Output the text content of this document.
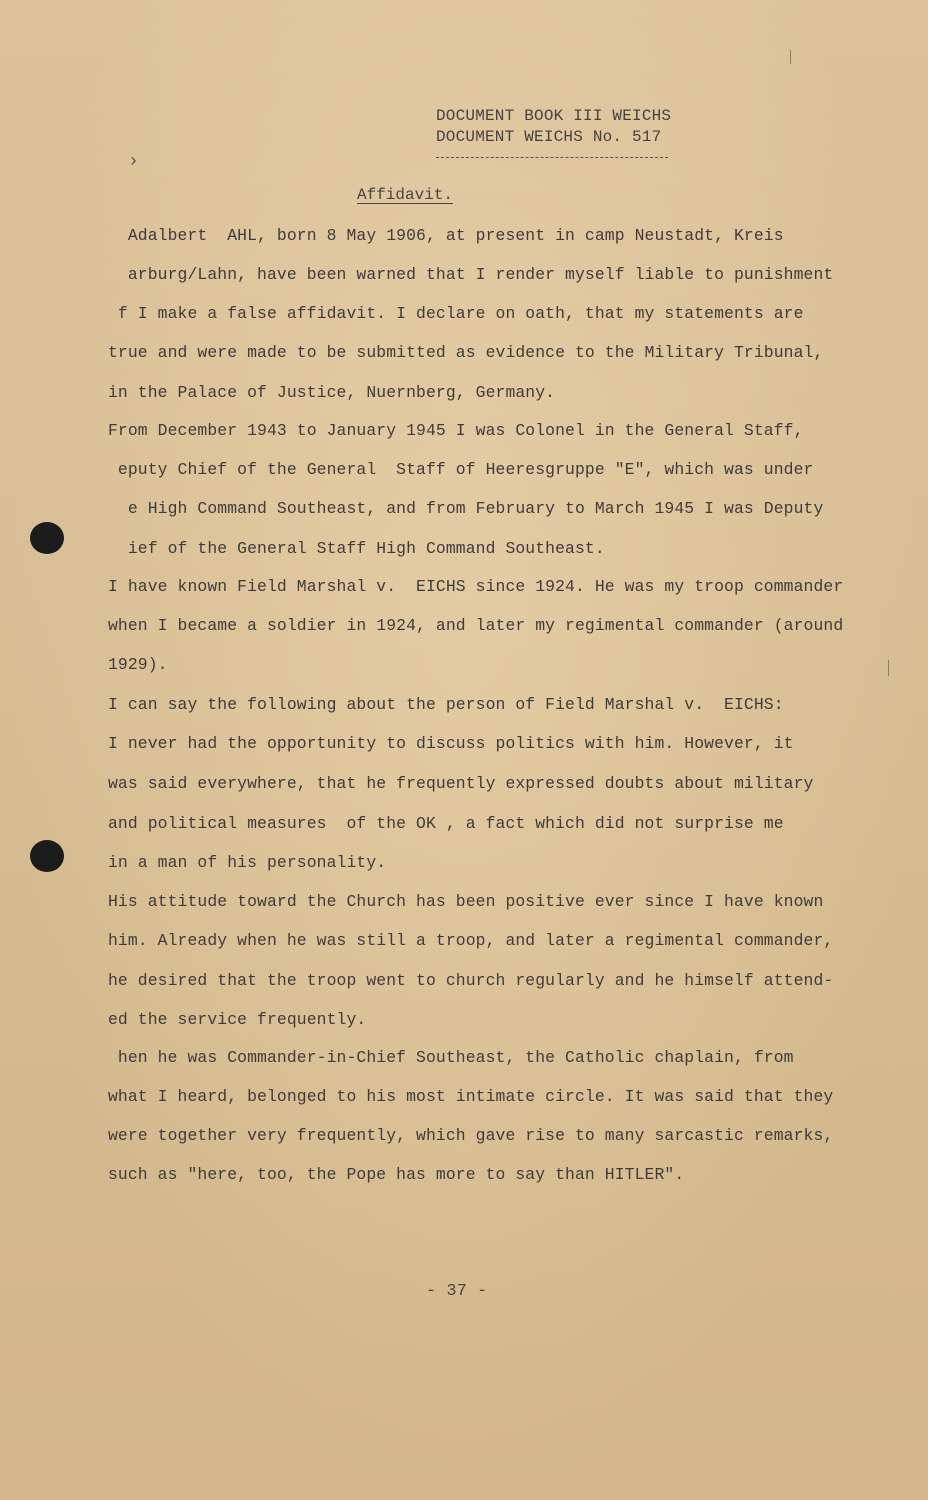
DOCUMENT BOOK III WEICHS
DOCUMENT WEICHS No. 517
Affidavit.
Adalbert  AHL, born 8 May 1906, at present in camp Neustadt, Kreis
arburg/Lahn, have been warned that I render myself liable to punishment
f I make a false affidavit. I declare on oath, that my statements are
true and were made to be submitted as evidence to the Military Tribunal,
in the Palace of Justice, Nuernberg, Germany.
From December 1943 to January 1945 I was Colonel in the General Staff,
eputy Chief of the General  Staff of Heeresgruppe "E", which was under
e High Command Southeast, and from February to March 1945 I was Deputy
ief of the General Staff High Command Southeast.
I have known Field Marshal v.  EICHS since 1924. He was my troop commander
when I became a soldier in 1924, and later my regimental commander (around
1929).
I can say the following about the person of Field Marshal v.  EICHS:
I never had the opportunity to discuss politics with him. However, it
was said everywhere, that he frequently expressed doubts about military
and political measures  of the OK , a fact which did not surprise me
in a man of his personality.
His attitude toward the Church has been positive ever since I have known
him. Already when he was still a troop, and later a regimental commander,
he desired that the troop went to church regularly and he himself attend-
ed the service frequently.
hen he was Commander-in-Chief Southeast, the Catholic chaplain, from
what I heard, belonged to his most intimate circle. It was said that they
were together very frequently, which gave rise to many sarcastic remarks,
such as "here, too, the Pope has more to say than HITLER".
- 37 -
›
